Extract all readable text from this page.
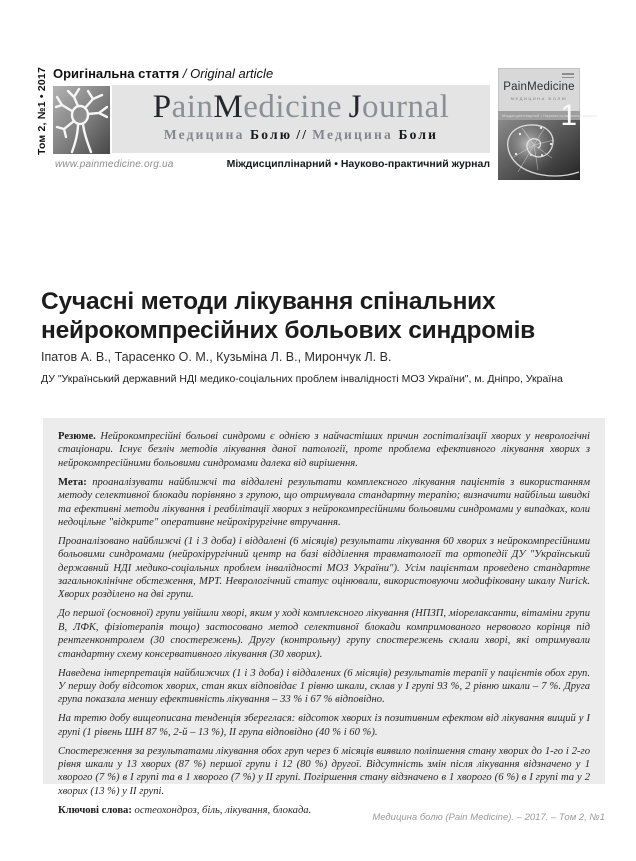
Оригінальна стаття / Original article
Том 2, №1 • 2017	PainMedicine Journal
Медицина Болю // Медицина Боли
www.painmedicine.org.ua	Міждисциплінарний • Науково-практичний журнал
PainMedicine
МЕДИЦИНА БОЛЮ
Міждисциплінарний • Науково-практичний журнал
1
Сучасні методи лікування спінальних нейрокомпресійних больових синдромів
Іпатов А. В., Тарасенко О. М., Кузьміна Л. В., Мирончук Л. В.
ДУ "Український державний НДІ медико-соціальних проблем інвалідності МОЗ України", м. Дніпро, Україна

Резюме. Нейрокомпресійні больові синдроми є однією з найчастіших причин госпіталізації хворих у неврологічні стаціонари. Існує безліч методів лікування даної патології, проте проблема ефективного лікування хворих з нейрокомпресійними больовими синдромами далека від вирішення.

Мета: проаналізувати найближчі та віддалені результати комплексного лікування пацієнтів з використанням методу селективної блокади порівняно з групою, що отримувала стандартну терапію; визначити найбільш швидкі та ефективні методи лікування і реабілітації хворих з нейрокомпресійними больовими синдромами у випадках, коли недоцільне "відкрите" оперативне нейрохірургічне втручання.

Проаналізовано найближчі (1 і 3 доба) і віддалені (6 місяців) результати лікування 60 хворих з нейрокомпресійними больовими синдромами (нейрохірургічний центр на базі відділення травматології та ортопедії ДУ "Український державний НДІ медико-соціальних проблем інвалідності МОЗ України"). Усім пацієнтам проведено стандартне загальноклінічне обстеження, МРТ. Неврологічний статус оцінювали, використовуючи модифіковану шкалу Nurick. Хворих розділено на дві групи.

До першої (основної) групи увійшли хворі, яким у ході комплексного лікування (НПЗП, міорелаксанти, вітаміни групи В, ЛФК, фізіотерапія тощо) застосовано метод селективної блокади компримованого нервового корінця під рентгенконтролем (30 спостережень). Другу (контрольну) групу спостережень склали хворі, які отримували стандартну схему консервативного лікування (30 хворих).

Наведена інтерпретація найближчих (1 і 3 доба) і віддалених (6 місяців) результатів терапії у пацієнтів обох груп. У першу добу відсоток хворих, стан яких відповідає 1 рівню шкали, склав у І групі 93 %, 2 рівню шкали – 7 %. Друга група показала меншу ефективність лікування – 33 % і 67 % відповідно.

На третю добу вищеописана тенденція збереглася: відсоток хворих із позитивним ефектом від лікування вищий у І групі (1 рівень ШН 87 %, 2-й – 13 %), ІІ група відповідно (40 % і 60 %).

Спостереження за результатами лікування обох груп через 6 місяців виявило поліпшення стану хворих до 1-го і 2-го рівня шкали у 13 хворих (87 %) першої групи і 12 (80 %) другої. Відсутність змін після лікування відзначено у 1 хворого (7 %) в І групі та в 1 хворого (7 %) у ІІ групі. Погіршення стану відзначено в 1 хворого (6 %) в І групі та у 2 хворих (13 %) у ІІ групі.

Ключові слова: остеохондроз, біль, лікування, блокада.

Медицина болю (Pain Medicine). – 2017. – Том 2, №1
